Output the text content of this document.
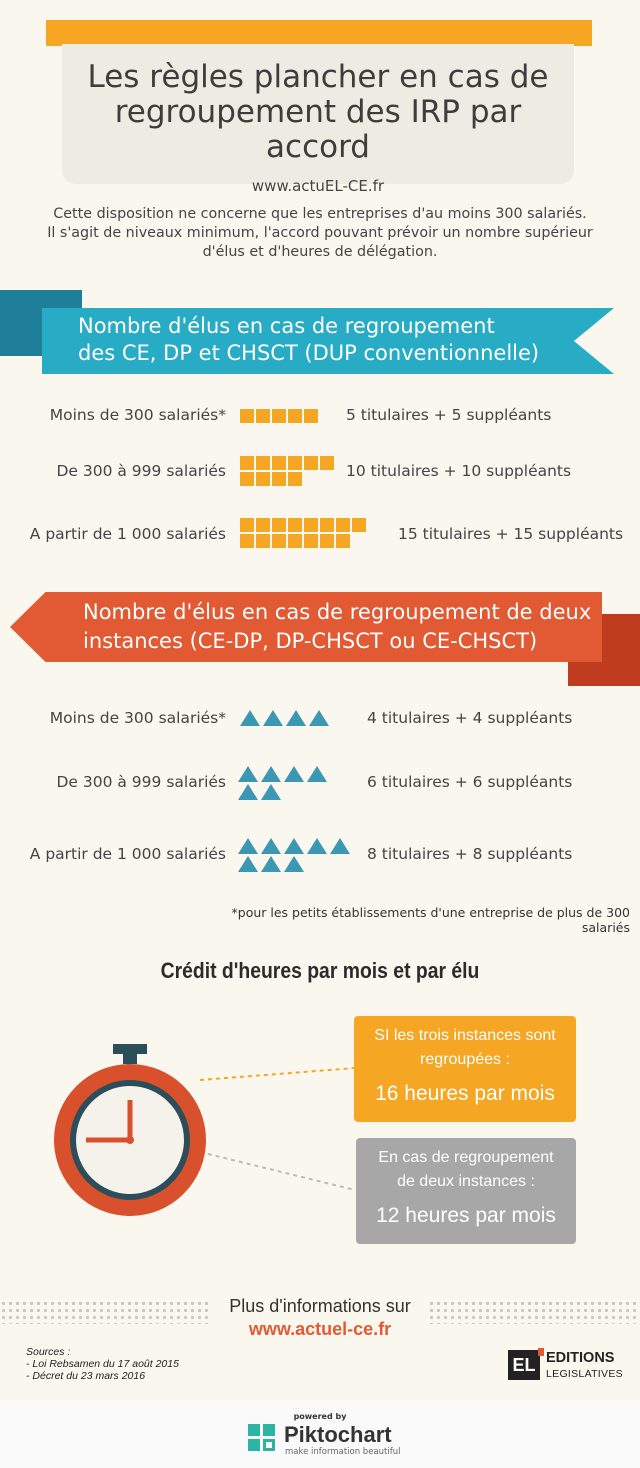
Les règles plancher en cas de
regroupement des IRP par accord
www.actuEL-CE.fr
Cette disposition ne concerne que les entreprises d'au moins 300 salariés.
Il s'agit de niveaux minimum, l'accord pouvant prévoir un nombre supérieur
d'élus et d'heures de délégation.
Nombre d'élus en cas de regroupement
des CE, DP et CHSCT (DUP conventionnelle)
Moins de 300 salariés*	5 titulaires + 5 suppléants
De 300 à 999 salariés	10 titulaires + 10 suppléants
A partir de 1 000 salariés	15 titulaires + 15 suppléants
Nombre d'élus en cas de regroupement de deux
instances (CE-DP, DP-CHSCT ou CE-CHSCT)
Moins de 300 salariés*	4 titulaires + 4 suppléants
De 300 à 999 salariés	6 titulaires + 6 suppléants
A partir de 1 000 salariés	8 titulaires + 8 suppléants
*pour les petits établissements d'une entreprise de plus de 300 salariés
Crédit d'heures par mois et par élu
SI les trois instances sont
regroupées :
16 heures par mois
En cas de regroupement
de deux instances :
12 heures par mois
Plus d'informations sur
www.actuel-ce.fr
Sources :
- Loi Rebsamen du 17 août 2015
- Décret du 23 mars 2016
EL EDITIONS
LEGISLATIVES
powered by
Piktochart
make information beautiful
